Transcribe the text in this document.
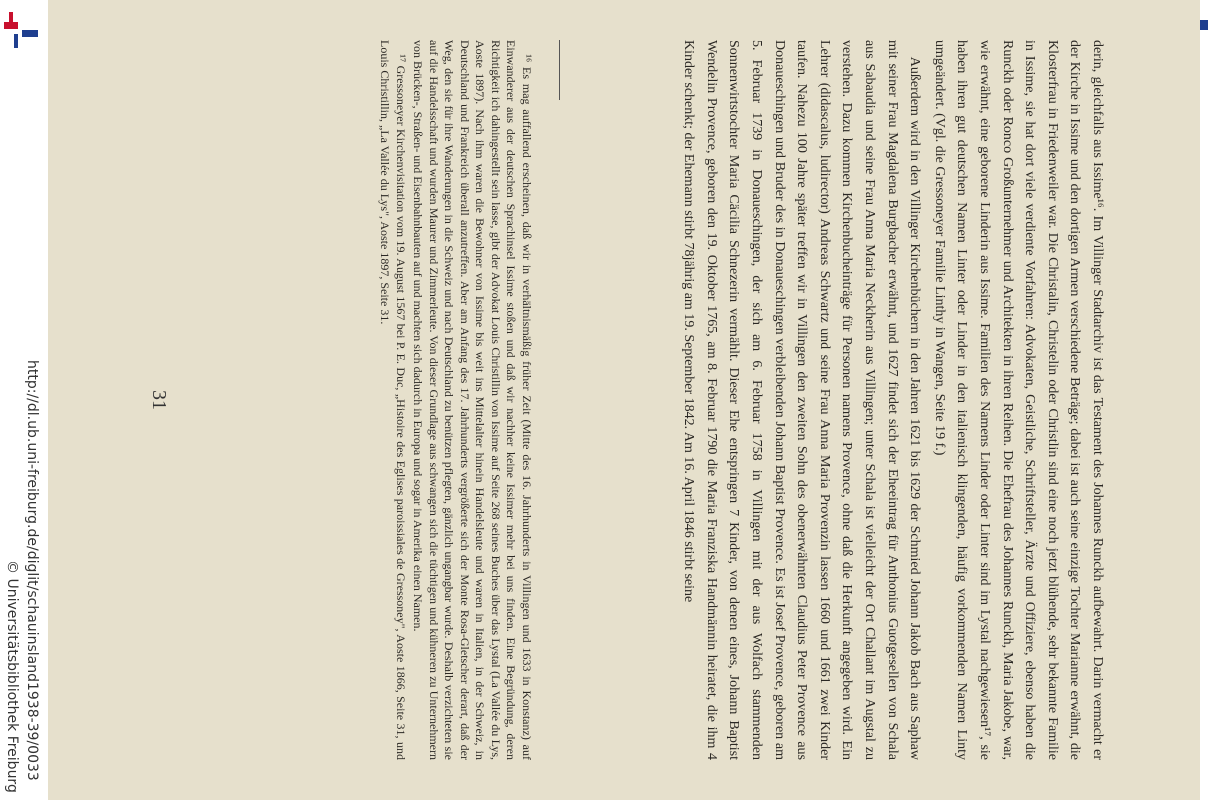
http://dl.ub.uni-freiburg.de/diglit/schauinsland1938-39/0033
© Universitätsbibliothek Freiburg	derin, gleichfalls aus Issime¹⁶. Im Villinger Stadtarchiv ist das Testament des Johannes Runckh aufbewahrt. Darin vermacht er der Kirche in Issime und den dortigen Armen verschiedene Beträge; dabei ist auch seine einzige Tochter Marianne erwähnt, die Klosterfrau in Friedenweiler war. Die Christalin, Christelin oder Christlin sind eine noch jetzt blühende, sehr bekannte Familie in Issime, sie hat dort viele verdiente Vorfahren: Advokaten, Geistliche, Schriftsteller, Ärzte und Offiziere, ebenso haben die Runckh oder Ronco Großunternehmer und Architekten in ihren Reihen. Die Ehefrau des Johannes Runckh, Maria Jakobe, war, wie erwähnt, eine geborene Linderin aus Issime. Familien des Namens Linder oder Linter sind im Lystal nachgewiesen¹⁷, sie haben ihren gut deutschen Namen Linter oder Linder in den italienisch klingenden, häufig vorkommenden Namen Linty umgeändert. (Vgl. die Gressoneyer Familie Linthy in Wangen, Seite 19 f.)

Außerdem wird in den Villinger Kirchenbüchern in den Jahren 1621 bis 1629 der Schmied Johann Jakob Bach aus Saphaw mit seiner Frau Magdalena Burgbacher erwähnt, und 1627 findet sich der Eheeintrag für Anthonius Guotgesellen von Schala aus Sabaudia und seine Frau Anna Maria Neckherin aus Villingen; unter Schala ist vielleicht der Ort Challant im Augstal zu verstehen. Dazu kommen Kirchenbucheinträge für Personen namens Provence, ohne daß die Herkunft angegeben wird. Ein Lehrer (didascalus, ludirector) Andreas Schwartz und seine Frau Anna Maria Provenzin lassen 1660 und 1661 zwei Kinder taufen. Nahezu 100 Jahre später treffen wir in Villingen den zweiten Sohn des obenerwähnten Claudius Peter Provence aus Donaueschingen und Bruder des in Donaueschingen verbleibenden Johann Baptist Provence. Es ist Josef Provence, geboren am 5. Februar 1739 in Donaueschingen, der sich am 6. Februar 1758 in Villingen mit der aus Wolfach stammenden Sonnenwirtstochter Maria Cäcilia Schnezerin vermählt. Dieser Ehe entspringen 7 Kinder, von denen eines, Johann Baptist Wendelin Provence, geboren den 19. Oktober 1765, am 8. Februar 1790 die Maria Franziska Handmännin heiratet, die ihm 4 Kinder schenkt; der Ehemann stirbt 78jährig am 19. September 1842. Am 16. April 1846 stirbt seine

¹⁶ Es mag auffallend erscheinen, daß wir in verhältnismäßig früher Zeit (Mitte des 16. Jahrhunderts in Villingen und 1633 in Konstanz) auf Einwanderer aus der deutschen Sprachinsel Issime stoßen und daß wir nachher keine Issimer mehr bei uns finden. Eine Begründung, deren Richtigkeit ich dahingestellt sein lasse, gibt der Advokat Louis Christillin von Issime auf Seite 268 seines Buches über das Lystal (La Vallée du Lys, Aoste 1897). Nach ihm waren die Bewohner von Issime bis weit ins Mittelalter hinein Handelsleute und waren in Italien, in der Schweiz, in Deutschland und Frankreich überall anzutreffen. Aber am Anfang des 17. Jahrhunderts vergrößerte sich der Monte Rosa-Gletscher derart, daß der Weg, den sie für ihre Wanderungen in die Schweiz und nach Deutschland zu benützen pflegten, gänzlich ungangbar wurde. Deshalb verzichteten sie auf die Handelsschaft und wurden Maurer und Zimmerleute. Von dieser Grundlage aus schwangen sich die tüchtigen und kühneren zu Unternehmern von Brücken-, Straßen- und Eisenbahnbauten auf und machten sich dadurch in Europa und sogar in Amerika einen Namen.

¹⁷ Gressoneyer Kirchenvisitation vom 19. August 1567 bei P. E. Duc, „Histoire des Eglises paroissiales de Gressoney", Aoste 1866, Seite 31, und Louis Christillin, „La Vallée du Lys", Aoste 1897, Seite 31.

31
